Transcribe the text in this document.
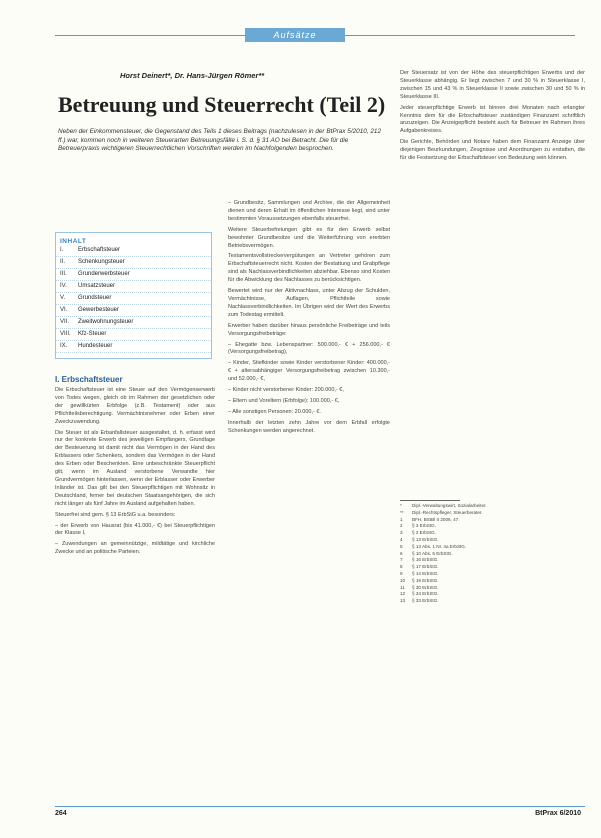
Aufsätze
Horst Deinert*, Dr. Hans-Jürgen Römer**
Betreuung und Steuerrecht (Teil 2)
Neben der Einkommensteuer, die Gegenstand des Teils 1 dieses Beitrags (nachzulesen in der BtPrax 5/2010, 212 ff.) war, kommen noch in weiteren Steuerarten Betreuungsfälle i. S. d. § 31 AO bei Betracht. Die für die Betreuerpraxis wichtigeren Steuerrechtlichen Vorschriften werden im Nachfolgenden besprochen.
INHALT
I.	Erbschaftsteuer
II.	Schenkungsteuer
III.	Grunderwerbsteuer
IV.	Umsatzsteuer
V.	Grundsteuer
VI.	Gewerbesteuer
VII.	Zweitwohnungsteuer
VIII.	Kfz-Steuer
IX.	Hundesteuer
I. Erbschaftsteuer

Die Erbschaftsteuer ist eine Steuer auf den Vermögenserwerb von Todes wegen, gleich ob im Rahmen der gesetzlichen oder der gewillkürten Erbfolge (z.B. Testament) oder aus Pflichtteilsberechtigung. Vermächtnisnehmer oder Erben einer Zweckzuwendung.

Die Steuer ist als Erbanfallsteuer ausgestaltet, d. h. erfasst wird nur der konkrete Erwerb des jeweiligen Empfängers, Grundlage der Besteuerung ist damit nicht das Vermögen in der Hand des Erblassers oder Schenkers, sondern das Vermögen in der Hand des Erben oder Beschenkten. Eine unbeschränkte Steuerpflicht gilt, wenn im Ausland verstorbene Verwandte hier Grundvermögen hinterlassen, wenn der Erblasser oder Erwerber Inländer ist. Das gilt bei den Steuerpflichtigen mit Wohnsitz in Deutschland, ferner bei deutschen Staatsangehörigen, die sich nicht länger als fünf Jahre im Ausland aufgehalten haben.

Steuerfrei sind gem. § 13 ErbStG u.a. besonders:

– der Erwerb von Hausrat (bis 41.000,- €) bei Steuerpflichtigen der Klasse I,

– Zuwendungen an gemeinnützige, mildtätige und kirchliche Zwecke und an politische Parteien.

– Grundbesitz, Sammlungen und Archive, die der Allgemeinheit dienen und deren Erhalt im öffentlichen Interesse liegt, sind unter bestimmten Voraussetzungen ebenfalls steuerfrei.

Weitere Steuerbefreiungen gibt es für den Erwerb selbst bewohnter Grundbesitze und die Weiterführung von ererbten Betriebsvermögen.

Testamentsvollstreckervergütungen an Vertreter gehören zum Erbschaftsteuerrecht nicht. Kosten der Bestattung und Grabpflege sind als Nachlassverbindlichkeiten abziehbar. Ebenso sind Kosten für die Abwicklung des Nachlasses zu berücksichtigen.

Bewertet wird nur der Aktivnachlass, unter Abzug der Schulden, Vermächtnisse, Auflagen, Pflichtteile sowie Nachlassverbindlichkeiten. Im Übrigen wird der Wert des Erwerbs zum Todestag ermittelt.

Erwerber haben darüber hinaus persönliche Freibeträge und teils Versorgungsfreibeträge:

– Ehegatte bzw. Lebenspartner: 500.000,- € + 256.000,- € (Versorgungsfreibetrag),

– Kinder, Stiefkinder sowie Kinder verstorbener Kinder: 400.000,- € + altersabhängiger Versorgungsfreibetrag zwischen 10.300,- und 52.000,- €,

– Kinder nicht verstorbener Kinder: 200.000,- €,

– Eltern und Voreltern (Erbfolge): 100.000,- €,

– Alle sonstigen Personen: 20.000,- €.

Innerhalb der letzten zehn Jahre vor dem Erbfall erfolgte Schenkungen werden angerechnet.

Der Steuersatz ist von der Höhe des steuerpflichtigen Erwerbs und der Steuerklasse abhängig. Er liegt zwischen 7 und 30 % in Steuerklasse I, zwischen 15 und 43 % in Steuerklasse II sowie zwischen 30 und 50 % in Steuerklasse III.

Jeder steuerpflichtige Erwerb ist binnen drei Monaten nach erlangter Kenntnis dem für die Erbschaftsteuer zuständigen Finanzamt schriftlich anzuzeigen. Die Anzeigepflicht besteht auch für Betreuer im Rahmen ihres Aufgabenkreises.

Die Gerichte, Behörden und Notare haben dem Finanzamt Anzeige über diejenigen Beurkundungen, Zeugnisse und Anordnungen zu erstatten, die für die Festsetzung der Erbschaftsteuer von Bedeutung sein können.

*	Dipl.-Verwaltungswirt, Sozialarbeiter.
**	Dipl.-Rechtspfleger, Steuerberater.
1	BFH, BStBl II 2006, 47.
2	§ 3 ErbStG.
3	§ 2 ErbStG.
4	§ 13 ErbStG.
5	§ 13 Abs. 1 Nr. 4a ErbStG.
6	§ 10 Abs. 5 ErbStG.
7	§ 16 ErbStG.
8	§ 17 ErbStG.
9	§ 14 ErbStG.
10	§ 19 ErbStG.
11	§ 30 ErbStG.
12	§ 34 ErbStG.
13	§ 33 ErbStG.
264	BtPrax 6/2010
